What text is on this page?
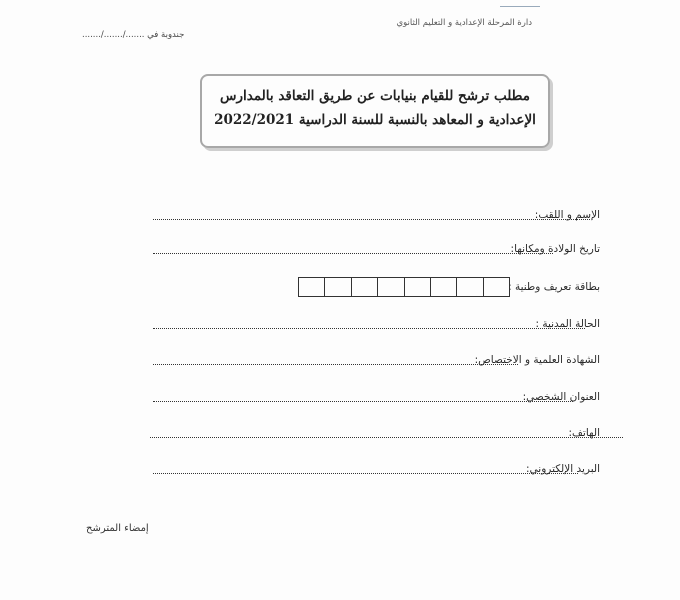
دارة المرحلة الإعدادية و التعليم الثانوي
جندوبة في ......./......./.......
مطلب ترشح للقيام بنيابات عن طريق التعاقد بالمدارس
الإعدادية و المعاهد بالنسبة للسنة الدراسية 2022/2021
الإسم و اللقب:
تاريخ الولادة ومكانها:
بطاقة تعريف وطنية :
الحالة المدنية :
الشهادة العلمية و الاختصاص:
العنوان الشخصي:
الهاتف:
البريد الإلكتروني:
إمضاء المترشح
